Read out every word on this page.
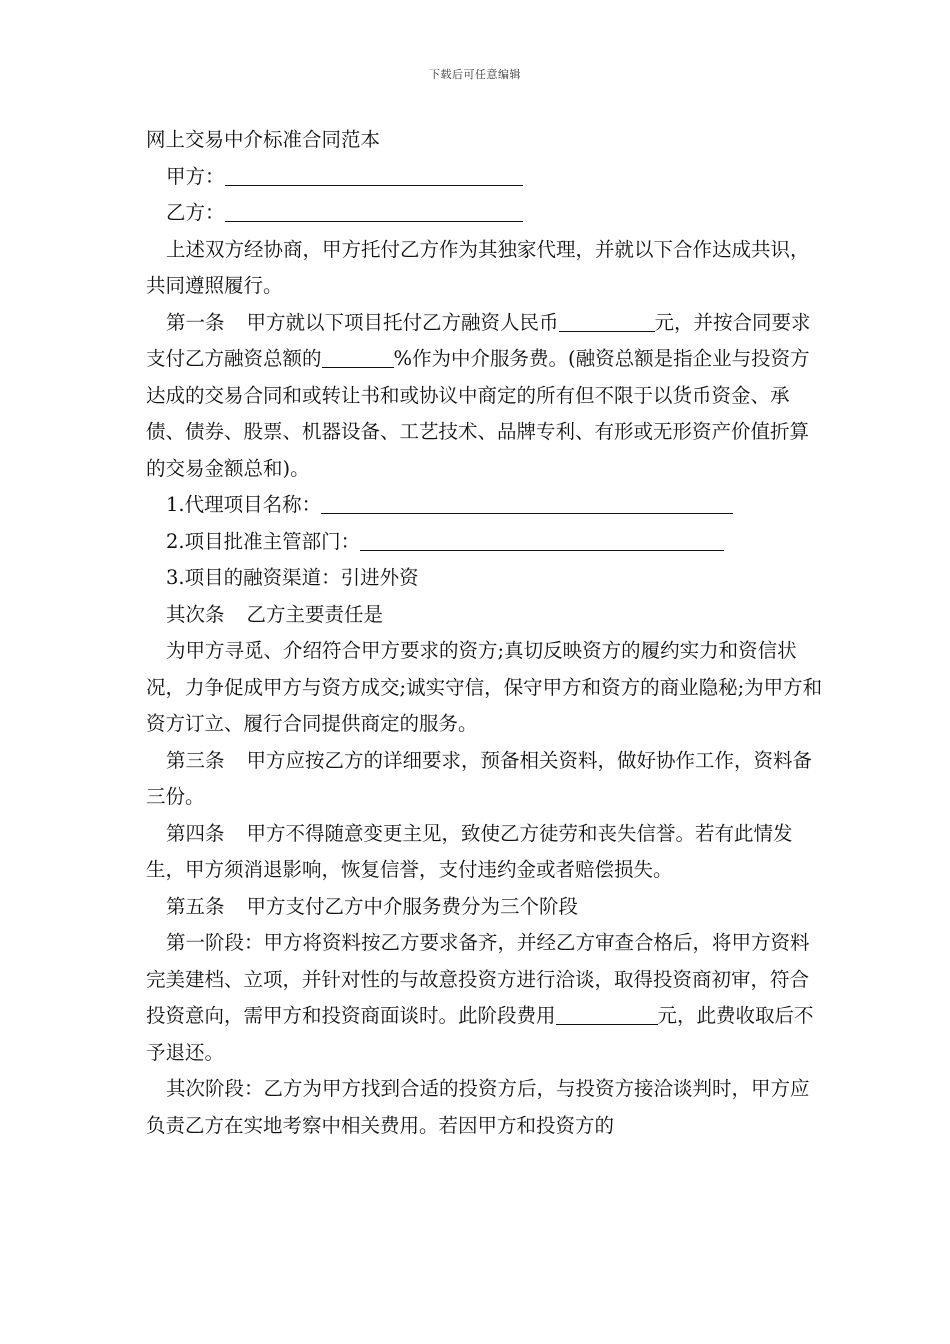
下载后可任意编辑

网上交易中介标准合同范本

甲方：

乙方：

上述双方经协商，甲方托付乙方作为其独家代理，并就以下合作达成共识，共同遵照履行。

第一条 甲方就以下项目托付乙方融资人民币	元，并按合同要求支付乙方融资总额的	%作为中介服务费。(融资总额是指企业与投资方达成的交易合同和或转让书和或协议中商定的所有但不限于以货币资金、承债、债券、股票、机器设备、工艺技术、品牌专利、有形或无形资产价值折算的交易金额总和)。

1.代理项目名称：

2.项目批准主管部门：

3.项目的融资渠道：引进外资

其次条 乙方主要责任是

为甲方寻觅、介绍符合甲方要求的资方;真切反映资方的履约实力和资信状况，力争促成甲方与资方成交;诚实守信，保守甲方和资方的商业隐秘;为甲方和资方订立、履行合同提供商定的服务。

第三条 甲方应按乙方的详细要求，预备相关资料，做好协作工作，资料备三份。

第四条 甲方不得随意变更主见，致使乙方徒劳和丧失信誉。若有此情发生，甲方须消退影响，恢复信誉，支付违约金或者赔偿损失。

第五条 甲方支付乙方中介服务费分为三个阶段

第一阶段：甲方将资料按乙方要求备齐，并经乙方审查合格后，将甲方资料完美建档、立项，并针对性的与故意投资方进行洽谈，取得投资商初审，符合投资意向，需甲方和投资商面谈时。此阶段费用	元，此费收取后不予退还。

其次阶段：乙方为甲方找到合适的投资方后，与投资方接洽谈判时，甲方应负责乙方在实地考察中相关费用。若因甲方和投资方的
